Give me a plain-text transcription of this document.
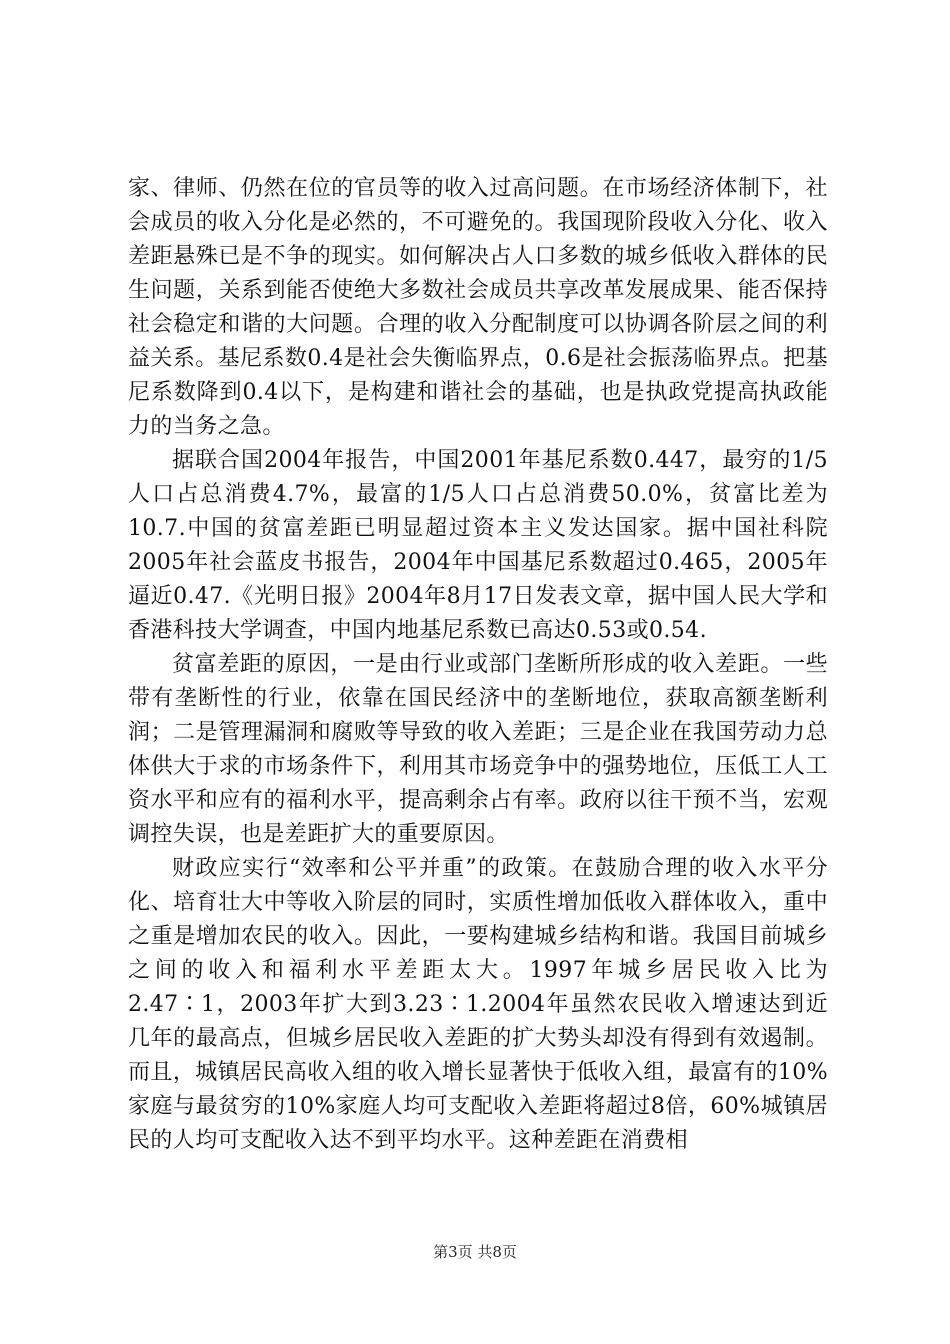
家、律师、仍然在位的官员等的收入过高问题。在市场经济体制下，社会成员的收入分化是必然的，不可避免的。我国现阶段收入分化、收入差距悬殊已是不争的现实。如何解决占人口多数的城乡低收入群体的民生问题，关系到能否使绝大多数社会成员共享改革发展成果、能否保持社会稳定和谐的大问题。合理的收入分配制度可以协调各阶层之间的利益关系。基尼系数0.4是社会失衡临界点，0.6是社会振荡临界点。把基尼系数降到0.4以下，是构建和谐社会的基础，也是执政党提高执政能力的当务之急。

据联合国2004年报告，中国2001年基尼系数0.447，最穷的1/5人口占总消费4.7%，最富的1/5人口占总消费50.0%，贫富比差为10.7.中国的贫富差距已明显超过资本主义发达国家。据中国社科院2005年社会蓝皮书报告，2004年中国基尼系数超过0.465，2005年逼近0.47.《光明日报》2004年8月17日发表文章，据中国人民大学和香港科技大学调查，中国内地基尼系数已高达0.53或0.54.

贫富差距的原因，一是由行业或部门垄断所形成的收入差距。一些带有垄断性的行业，依靠在国民经济中的垄断地位，获取高额垄断利润；二是管理漏洞和腐败等导致的收入差距；三是企业在我国劳动力总体供大于求的市场条件下，利用其市场竞争中的强势地位，压低工人工资水平和应有的福利水平，提高剩余占有率。政府以往干预不当，宏观调控失误，也是差距扩大的重要原因。

财政应实行“效率和公平并重”的政策。在鼓励合理的收入水平分化、培育壮大中等收入阶层的同时，实质性增加低收入群体收入，重中之重是增加农民的收入。因此，一要构建城乡结构和谐。我国目前城乡之间的收入和福利水平差距太大。1997年城乡居民收入比为2.47∶1，2003年扩大到3.23∶1.2004年虽然农民收入增速达到近几年的最高点，但城乡居民收入差距的扩大势头却没有得到有效遏制。而且，城镇居民高收入组的收入增长显著快于低收入组，最富有的10%家庭与最贫穷的10%家庭人均可支配收入差距将超过8倍，60%城镇居民的人均可支配收入达不到平均水平。这种差距在消费相

第3页 共8页
